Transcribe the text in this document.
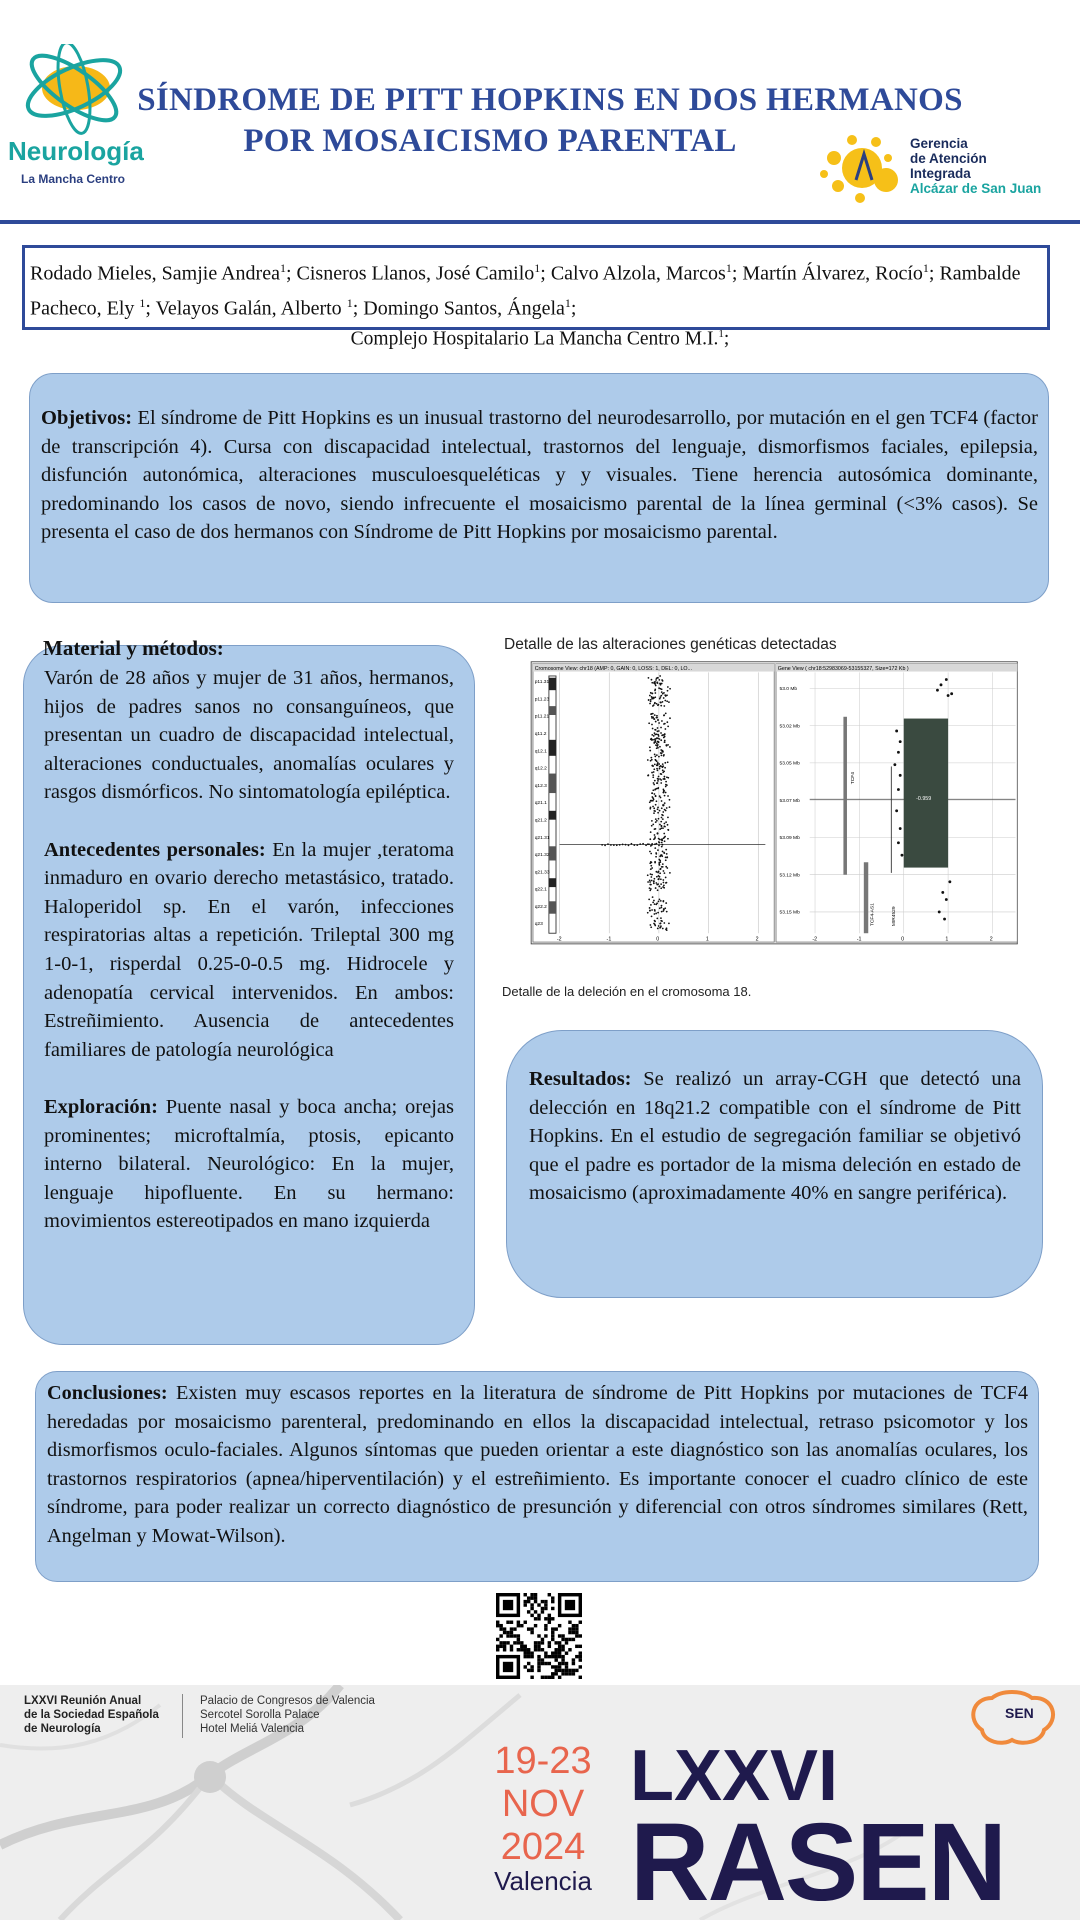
Neurología
La Mancha Centro
SÍNDROME DE PITT HOPKINS EN DOS HERMANOS
POR MOSAICISMO PARENTAL	Gerencia
de Atención
Integrada
Alcázar de San Juan
Rodado Mieles, Samjie Andrea$^1$; Cisneros Llanos, José Camilo$^1$; Calvo Alzola, Marcos$^1$; Martín Álvarez, Rocío$^1$; Rambalde Pacheco, Ely $^1$; Velayos Galán, Alberto $^1$; Domingo Santos, Ángela$^1$;
Complejo Hospitalario La Mancha Centro M.I.$^1$;
Objetivos: El síndrome de Pitt Hopkins es un inusual trastorno del neurodesarrollo, por mutación en el gen TCF4 (factor de transcripción 4). Cursa con discapacidad intelectual, trastornos del lenguaje, dismorfismos faciales, epilepsia, disfunción autonómica, alteraciones musculoesqueléticas y y visuales. Tiene herencia autosómica dominante, predominando los casos de novo, siendo infrecuente el mosaicismo parental de la línea germinal (<3% casos). Se presenta el caso de dos hermanos con Síndrome de Pitt Hopkins por mosaicismo parental.

Varón de 28 años y mujer de 31 años, hermanos, hijos de padres sanos no consanguíneos, que presentan un cuadro de discapacidad intelectual, alteraciones conductuales, anomalías oculares y rasgos dismórficos. No sintomatología epiléptica.

Antecedentes personales: En la mujer ,teratoma inmaduro en ovario derecho metastásico, tratado. Haloperidol sp. En el varón, infecciones respiratorias altas a repetición. Trileptal 300 mg 1-0-1, risperdal 0.25-0-0.5 mg. Hidrocele y adenopatía cervical intervenidos. En ambos: Estreñimiento. Ausencia de antecedentes familiares de patología neurológica

Exploración: Puente nasal y boca ancha; orejas prominentes; microftalmía, ptosis, epicanto interno bilateral. Neurológico: En la mujer, lenguaje hipofluente. En su hermano: movimientos estereotipados en mano izquierda

Material y métodos:	Detalle de las alteraciones genéticas detectadas
Cromosome View: chr18 (AMP: 0, GAIN: 0, LOSS: 1, DEL: 0, LO...	Gene View ( chr18:52983069-53155327, Size=172 Kb )
p11.31
p11.23
p11.21
q11.2
q12.1
q12.2
q12.3
q21.1
q21.2
q21.31
q21.32
q21.33
q22.1
q22.2
q23
-2	-1	0	1	2
53.0 Mb
53.02 Mb
53.05 Mb
53.07 Mb
53.09 Mb
53.12 Mb
53.15 Mb
-0.959
TCF4
TCF4-AS1	MIR4529
-2	-1	0	1	2
Detalle de la deleción en el cromosoma 18.
Resultados: Se realizó un array-CGH que detectó una delección en 18q21.2 compatible con el síndrome de Pitt Hopkins. En el estudio de segregación familiar se objetivó que el padre es portador de la misma deleción en estado de mosaicismo (aproximadamente 40% en sangre periférica).
Conclusiones: Existen muy escasos reportes en la literatura de síndrome de Pitt Hopkins por mutaciones de TCF4 heredadas por mosaicismo parenteral, predominando en ellos la discapacidad intelectual, retraso psicomotor y los dismorfismos oculo-faciales. Algunos síntomas que pueden orientar a este diagnóstico son las anomalías oculares, los trastornos respiratorios (apnea/hiperventilación) y el estreñimiento. Es importante conocer el cuadro clínico de este síndrome, para poder realizar un correcto diagnóstico de presunción y diferencial con otros síndromes similares (Rett, Angelman y Mowat-Wilson).
LXXVI Reunión Anual
de la Sociedad Española
de Neurología
Palacio de Congresos de Valencia
Sercotel Sorolla Palace
Hotel Meliá Valencia
19-23
NOV
2024
Valencia
LXXVI
RASEN
SEN
